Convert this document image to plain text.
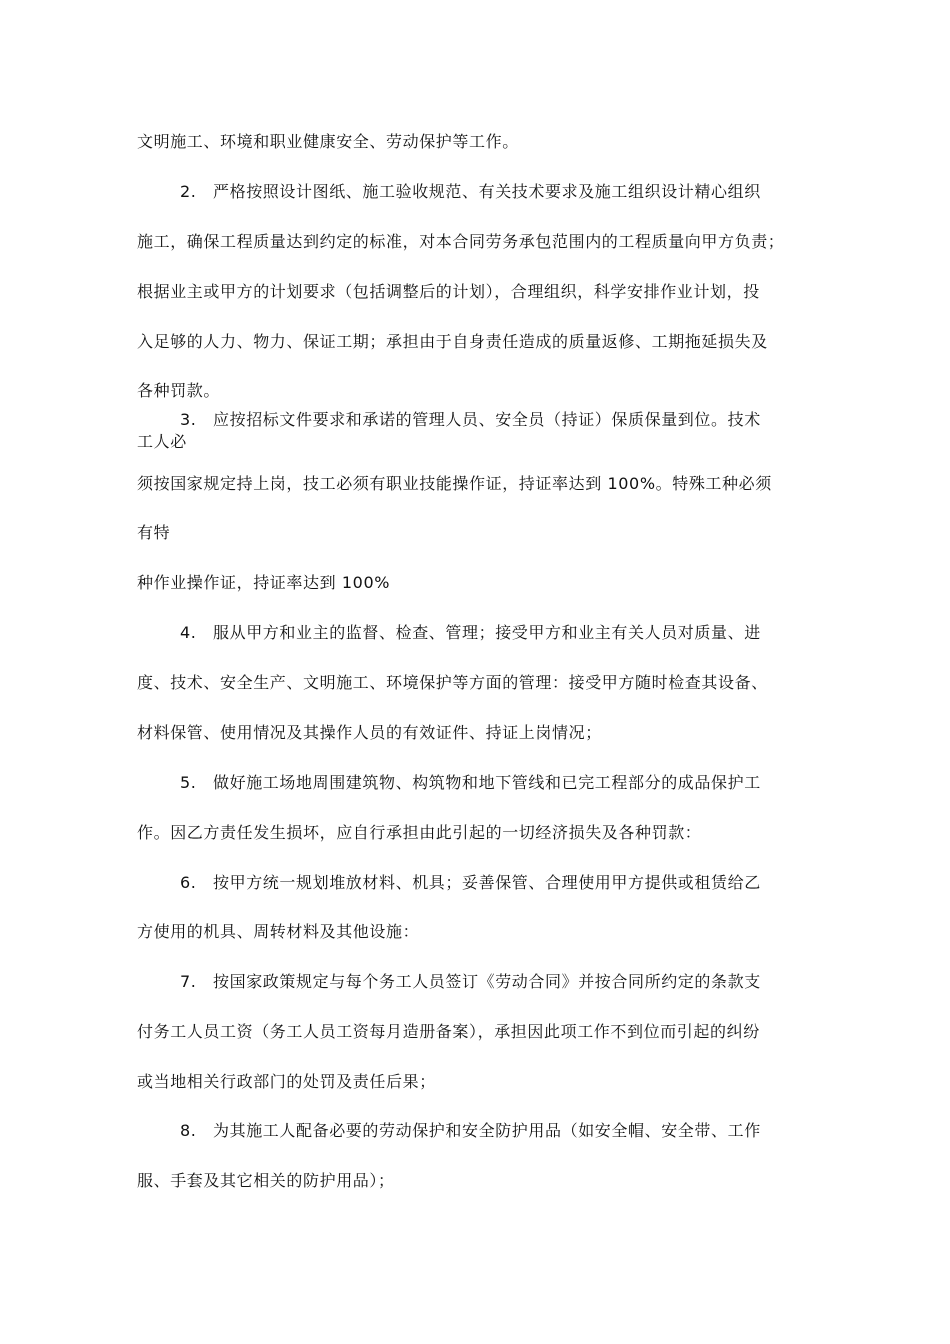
文明施工、环境和职业健康安全、劳动保护等工作。
2. 严格按照设计图纸、施工验收规范、有关技术要求及施工组织设计精心组织
施工，确保工程质量达到约定的标准，对本合同劳务承包范围内的工程质量向甲方负责；
根据业主或甲方的计划要求（包括调整后的计划），合理组织，科学安排作业计划，投
入足够的人力、物力、保证工期；承担由于自身责任造成的质量返修、工期拖延损失及
各种罚款。
3. 应按招标文件要求和承诺的管理人员、安全员（持证）保质保量到位。技术
工人必
须按国家规定持上岗，技工必须有职业技能操作证，持证率达到 100%。特殊工种必须
有特
种作业操作证，持证率达到 100%
4. 服从甲方和业主的监督、检查、管理；接受甲方和业主有关人员对质量、进
度、技术、安全生产、文明施工、环境保护等方面的管理：接受甲方随时检查其设备、
材料保管、使用情况及其操作人员的有效证件、持证上岗情况；
5. 做好施工场地周围建筑物、构筑物和地下管线和已完工程部分的成品保护工
作。因乙方责任发生损坏，应自行承担由此引起的一切经济损失及各种罚款：
6. 按甲方统一规划堆放材料、机具；妥善保管、合理使用甲方提供或租赁给乙
方使用的机具、周转材料及其他设施：
7. 按国家政策规定与每个务工人员签订《劳动合同》并按合同所约定的条款支
付务工人员工资（务工人员工资每月造册备案），承担因此项工作不到位而引起的纠纷
或当地相关行政部门的处罚及责任后果；
8. 为其施工人配备必要的劳动保护和安全防护用品（如安全帽、安全带、工作
服、手套及其它相关的防护用品）；
